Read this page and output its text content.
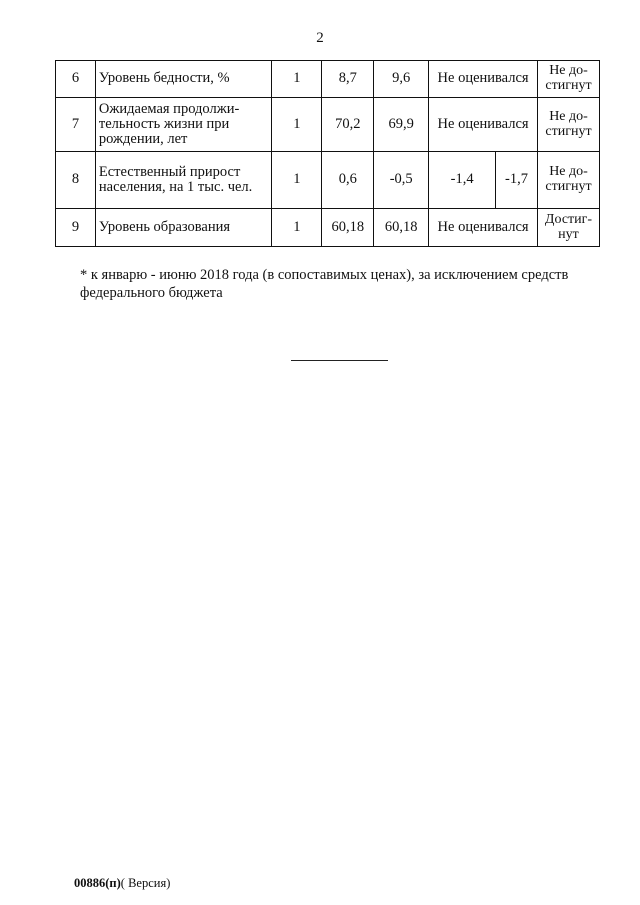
2
6	Уровень бедности, %	1	8,7	9,6	Не оценивался		Не до-стигнут
7	Ожидаемая продолжи-тельность жизни при рождении, лет	1	70,2	69,9	Не оценивался		Не до-стигнут
8	Естественный прирост населения, на 1 тыс. чел.	1	0,6	-0,5	-1,4	-1,7	Не до-стигнут
9	Уровень образования	1	60,18	60,18	Не оценивался		Достиг-нут
* к январю - июню 2018 года (в сопоставимых ценах), за исключением средств федерального бюджета
00886(п)( Версия)
